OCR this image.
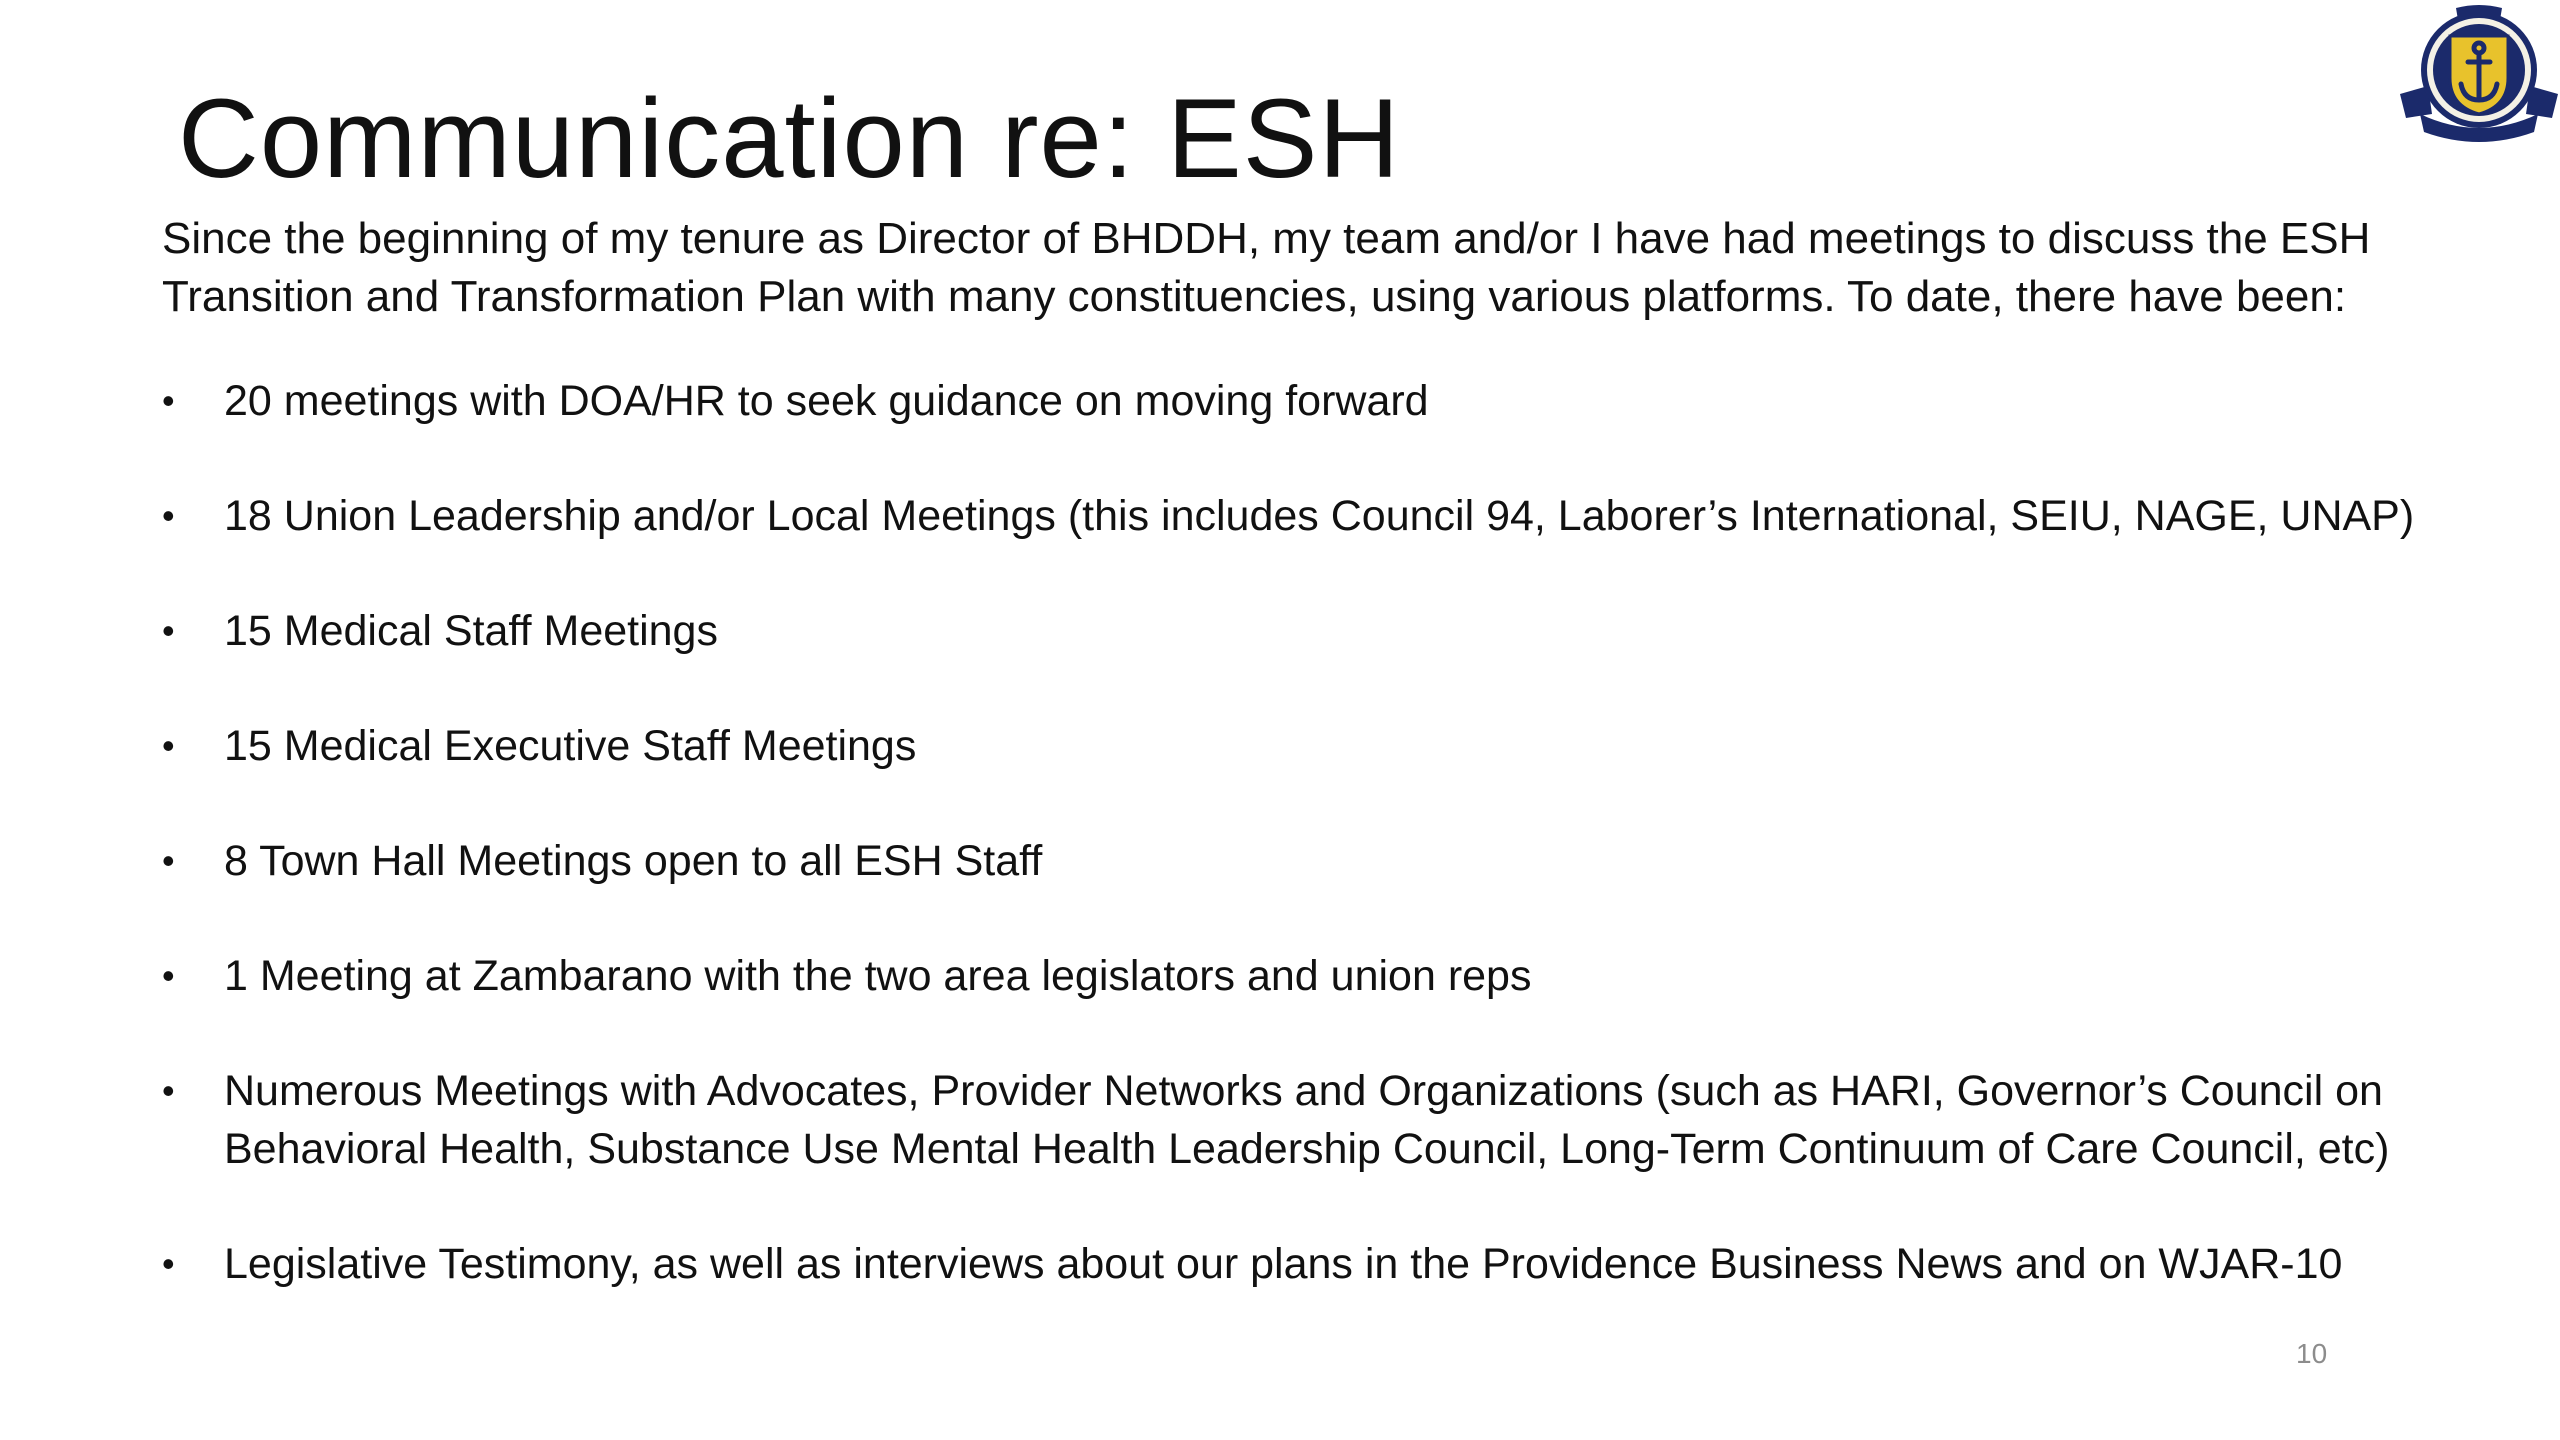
Communication re: ESH
Since the beginning of my tenure as Director of BHDDH, my team and/or I have had meetings to discuss the ESH Transition and Transformation Plan with many constituencies, using various platforms. To date, there have been:
• 20 meetings with DOA/HR to seek guidance on moving forward
• 18 Union Leadership and/or Local Meetings (this includes Council 94, Laborer’s International, SEIU, NAGE, UNAP)
• 15 Medical Staff Meetings
• 15 Medical Executive Staff Meetings
• 8 Town Hall Meetings open to all ESH Staff
• 1 Meeting at Zambarano with the two area legislators and union reps
• Numerous Meetings with Advocates, Provider Networks and Organizations (such as HARI, Governor’s Council on Behavioral Health, Substance Use Mental Health Leadership Council, Long-Term Continuum of Care Council, etc)
• Legislative Testimony, as well as interviews about our plans in the Providence Business News and on WJAR-10
10
